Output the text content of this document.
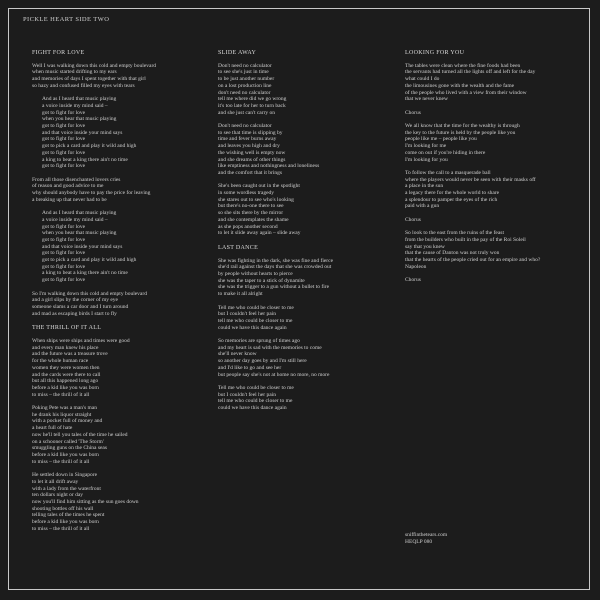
PICKLE HEART SIDE TWO
FIGHT FOR LOVE
Well I was walking down this cold and empty boulevard
when music started drifting to my ears
and memories of days I spent together with that girl
so hazy and confused filled my eyes with tears
And as I heard that music playing
a voice inside my mind said –
got to fight for love
when you hear that music playing
got to fight for love
and that voice inside your mind says
got to fight for love
got to pick a card and play it wild and high
got to fight for love
a king to beat a king there ain't no time
got to fight for love
From all those disenchanted lovers cries
of reason and good advice to me
why should anybody have to pay the price for leaving
a breaking up that never had to be
And as I heard that music playing
a voice inside my mind said –
got to fight for love
when you hear that music playing
got to fight for love
and that voice inside your mind says
got to fight for love
got to pick a card and play it wild and high
got to fight for love
a king to beat a king there ain't no time
got to fight for love
So I'm walking down this cold and empty boulevard
and a girl slips by the corner of my eye
someone slams a car door and I turn around
and mad as escaping birds I start to fly
THE THRILL OF IT ALL
When ships were ships and times were good
and every man knew his place
and the future was a treasure trove
for the whole human race
women they were women then
and the cards were there to call
but all this happened long ago
before a kid like you was born
to miss – the thrill of it all
Poking Pete was a man's man
he drank his liquor straight
with a pocket full of money and
a heart full of hate
now he'll tell you tales of the time he sailed
on a schooner called 'The Storm'
smuggling guns on the China seas
before a kid like you was born
to miss – the thrill of it all
He settled down in Singapore
to let it all drift away
with a lady from the waterfront
ten dollars night or day
now you'll find him sitting as the sun goes down
shooting bottles off his wall
telling tales of the times he spent
before a kid like you was born
to miss – the thrill of it all
SLIDE AWAY
Don't need no calculator
to see she's just in time
to be just another number
on a lost production line
don't need no calculator
tell me where did we go wrong
it's too late for her to turn back
and she just can't carry on
Don't need no calculator
to see that time is slipping by
time and fever burns away
and leaves you high and dry
the wishing well is empty now
and she dreams of other things
like emptiness and nothingness and loneliness
and the comfort that it brings
She's been caught out in the spotlight
in some wordless tragedy
she stares out to see who's looking
but there's no-one there to see
so she sits there by the mirror
and she contemplates the shame
as she pops another second
to let it slide away again – slide away
LAST DANCE
She was fighting in the dark, she was fine and fierce
she'd rail against the days that she was crowded out
by people without hearts to pierce
she was the taper to a stick of dynamite
she was the trigger to a gun without a bullet to fire
to make it all alright
Tell me who could be closer to me
but I couldn't feel her pain
tell me who could be closer to me
could we have this dance again
So memories are sprung of times ago
and my heart is sad with the memories to come
she'll never know
so another day goes by and I'm still here
and I'd like to go and see her
but people say she's not at home no more, no more
Tell me who could be closer to me
but I couldn't feel her pain
tell me who could be closer to me
could we have this dance again
LOOKING FOR YOU
The tables were clean where the fine foods had been
the servants had turned all the lights off and left for the day
what could I do
the limousines gone with the wealth and the fame
of the people who lived with a view from their window
that we never knew
Chorus
We all know that the time for the wealthy is through
the key to the future is held by the people like you
people like me – people like you
I'm looking for me
come on out if you're hiding in there
I'm looking for you
To follow the call to a masquerade ball
where the players would never be seen with their masks off
a place in the sun
a legacy there for the whole world to share
a splendour to pamper the eyes of the rich
paid with a gun
Chorus
So look to the east from the ruins of the feast
from the builders who built in the pay of the Roi Soleil
say that you knew
that the cause of Danton was not truly won
that the hearts of the people cried out for an empire and who?
Napoleon
Chorus
sniffinthetears.com
HEQLP 080
